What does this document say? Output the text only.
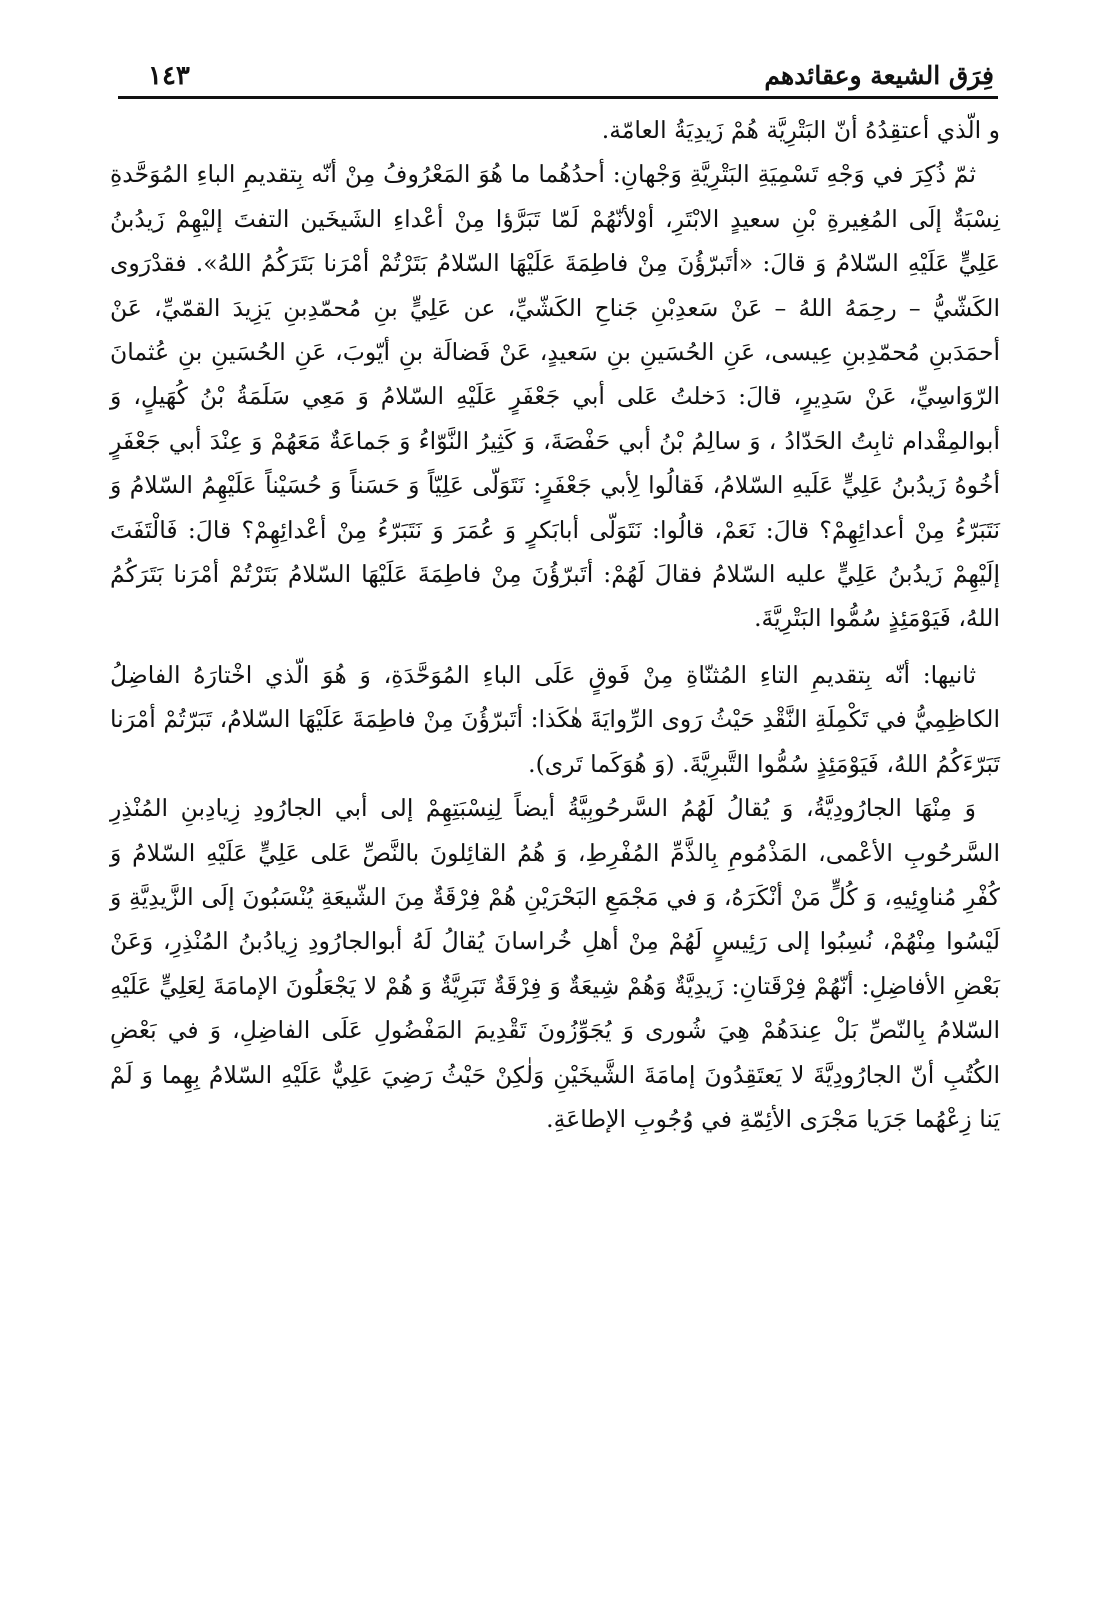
فِرَق الشيعة وعقائدهم
١٤٣

و الّذي أعتقِدُهُ أنّ البَتْرِيَّة هُمْ زَيدِيَةُ العامّة.

ثمّ ذُكِرَ في وَجْهِ تَسْمِيَةِ البَتْرِيَّةِ وَجْهانِ: أحدُهُما ما هُوَ المَعْرُوفُ مِنْ أنّه بِتقديمِ الباءِ المُوَحَّدةِ نِسْبَةٌ إلَى المُغِيرةِ بْنِ سعيدٍ الابْتَرِ، أوْلأنّهُمْ لَمّا تَبَرَّؤا مِنْ أعْداءِ الشَيخَين التفتَ إليْهِمْ زَيدُبنُ عَلِيٍّ عَلَيْهِ السّلامُ وَ قالَ: «أتَبرّؤُنَ مِنْ فاطِمَةَ عَلَيْهَا السّلامُ بَتَرْتُمْ أمْرَنا بَتَرَكُمُ اللهُ». فقدْرَوى الكَشّيُّ – رحِمَهُ اللهُ – عَنْ سَعدِبْنِ جَناحِ الكَشّيِّ، عن عَلِيٍّ بنِ مُحمّدِبنِ يَزِيدَ القمّيِّ، عَنْ أحمَدَبنِ مُحمّدِبنِ عِيسى، عَنِ الحُسَينِ بنِ سَعيدٍ، عَنْ فَضالَة بنِ أيّوبَ، عَنِ الحُسَينِ بنِ عُثمانَ الرّوَاسِيِّ، عَنْ سَدِيرٍ، قالَ: دَخلتُ عَلى أبي جَعْفَرٍ عَلَيْهِ السّلامُ وَ مَعِي سَلَمَةُ بْنُ كُهَيلٍ، وَ أبوالمِقْدام ثابِتُ الحَدّادُ ، وَ سالِمُ بْنُ أبي حَفْصَةَ، وَ كَثِيرُ النَّوّاءُ وَ جَماعَةٌ مَعَهُمْ وَ عِنْدَ أبي جَعْفَرٍ أخُوهُ زَيدُبنُ عَلِيٍّ عَلَيهِ السّلامُ، فَقالُوا لِأبي جَعْفَرٍ: نَتَوَلّى عَلِيّاً وَ حَسَناً وَ حُسَيْناً عَلَيْهِمُ السّلامُ وَ نَتَبَرّءُ مِنْ أعدائِهِمْ؟ قالَ: نَعَمْ، قالُوا: نَتَوَلّى أبابَكرٍ وَ عُمَرَ وَ نَتَبَرّءُ مِنْ أعْدائِهِمْ؟ قالَ: فَالْتَفَتَ إلَيْهِمْ زَيدُبنُ عَلِيٍّ عليه السّلامُ فقالَ لَهُمْ: أتَبرّؤُنَ مِنْ فاطِمَةَ عَلَيْهَا السّلامُ بَتَرْتُمْ أمْرَنا بَتَرَكُمُ اللهُ، فَيَوْمَئِذٍ سُمُّوا البَتْرِيَّةَ.

ثانيها: أنّه بِتقديمِ التاءِ المُثنّاةِ مِنْ فَوقٍ عَلَى الباءِ المُوَحَّدَةِ، وَ هُوَ الّذي اخْتارَهُ الفاضِلُ الكاظِمِيُّ في تَكْمِلَةِ النَّقْدِ حَيْثُ رَوى الرِّوايَةَ هٰكَذا: أتَبرّؤُنَ مِنْ فاطِمَةَ عَلَيْهَا السّلامُ، تَبَرّتُمْ أمْرَنا تَبَرّءَكُمُ اللهُ، فَيَوْمَئِذٍ سُمُّوا التَّبرِيَّةَ. (وَ هُوَكَما تَرى).

وَ مِنْهَا الجارُودِيَّةُ، وَ يُقالُ لَهُمُ السَّرحُوبِيَّةُ أيضاً لِنِسْبَتِهِمْ إلى أبي الجارُودِ زِيادِبنِ المُنْذِرِ السَّرحُوبِ الأعْمى، المَذْمُومِ بِالذَّمِّ المُفْرِطِ، وَ هُمُ القائِلونَ بالنَّصِّ عَلى عَلِيٍّ عَلَيْهِ السّلامُ وَ كُفْرِ مُناوِئِيهِ، وَ كُلٍّ مَنْ أنْكَرَهُ، وَ في مَجْمَعِ البَحْرَيْنِ هُمْ فِرْقَةٌ مِنَ الشّيعَةِ يُنْسَبُونَ إلَى الزَّيدِيَّةِ وَ لَيْسُوا مِنْهُمْ، نُسِبُوا إلى رَئِيسٍ لَهُمْ مِنْ أهلِ خُراسانَ يُقالُ لَهُ أبوالجارُودِ زِيادُبنُ المُنْذِرِ، وَعَنْ بَعْضِ الأفاضِلِ: أنّهُمْ فِرْقَتانِ: زَيدِيَّةٌ وَهُمْ شِيعَةٌ وَ فِرْقَةٌ تَبَرِيَّةٌ وَ هُمْ لا يَجْعَلُونَ الإمامَةَ لِعَلِيٍّ عَلَيْهِ السّلامُ بِالنّصِّ بَلْ عِندَهُمْ هِيَ شُورى وَ يُجَوِّزُونَ تَقْدِيمَ المَفْضُولِ عَلَى الفاضِلِ، وَ في بَعْضِ الكُتُبِ أنّ الجارُودِيَّةَ لا يَعتَقِدُونَ إمامَةَ الشَّيخَيْنِ وَلٰكِنْ حَيْثُ رَضِيَ عَلِيٌّ عَلَيْهِ السّلامُ بِهِما وَ لَمْ يَنا زِعْهُما جَرَيا مَجْرَى الأئِمّةِ في وُجُوبِ الإطاعَةِ.
